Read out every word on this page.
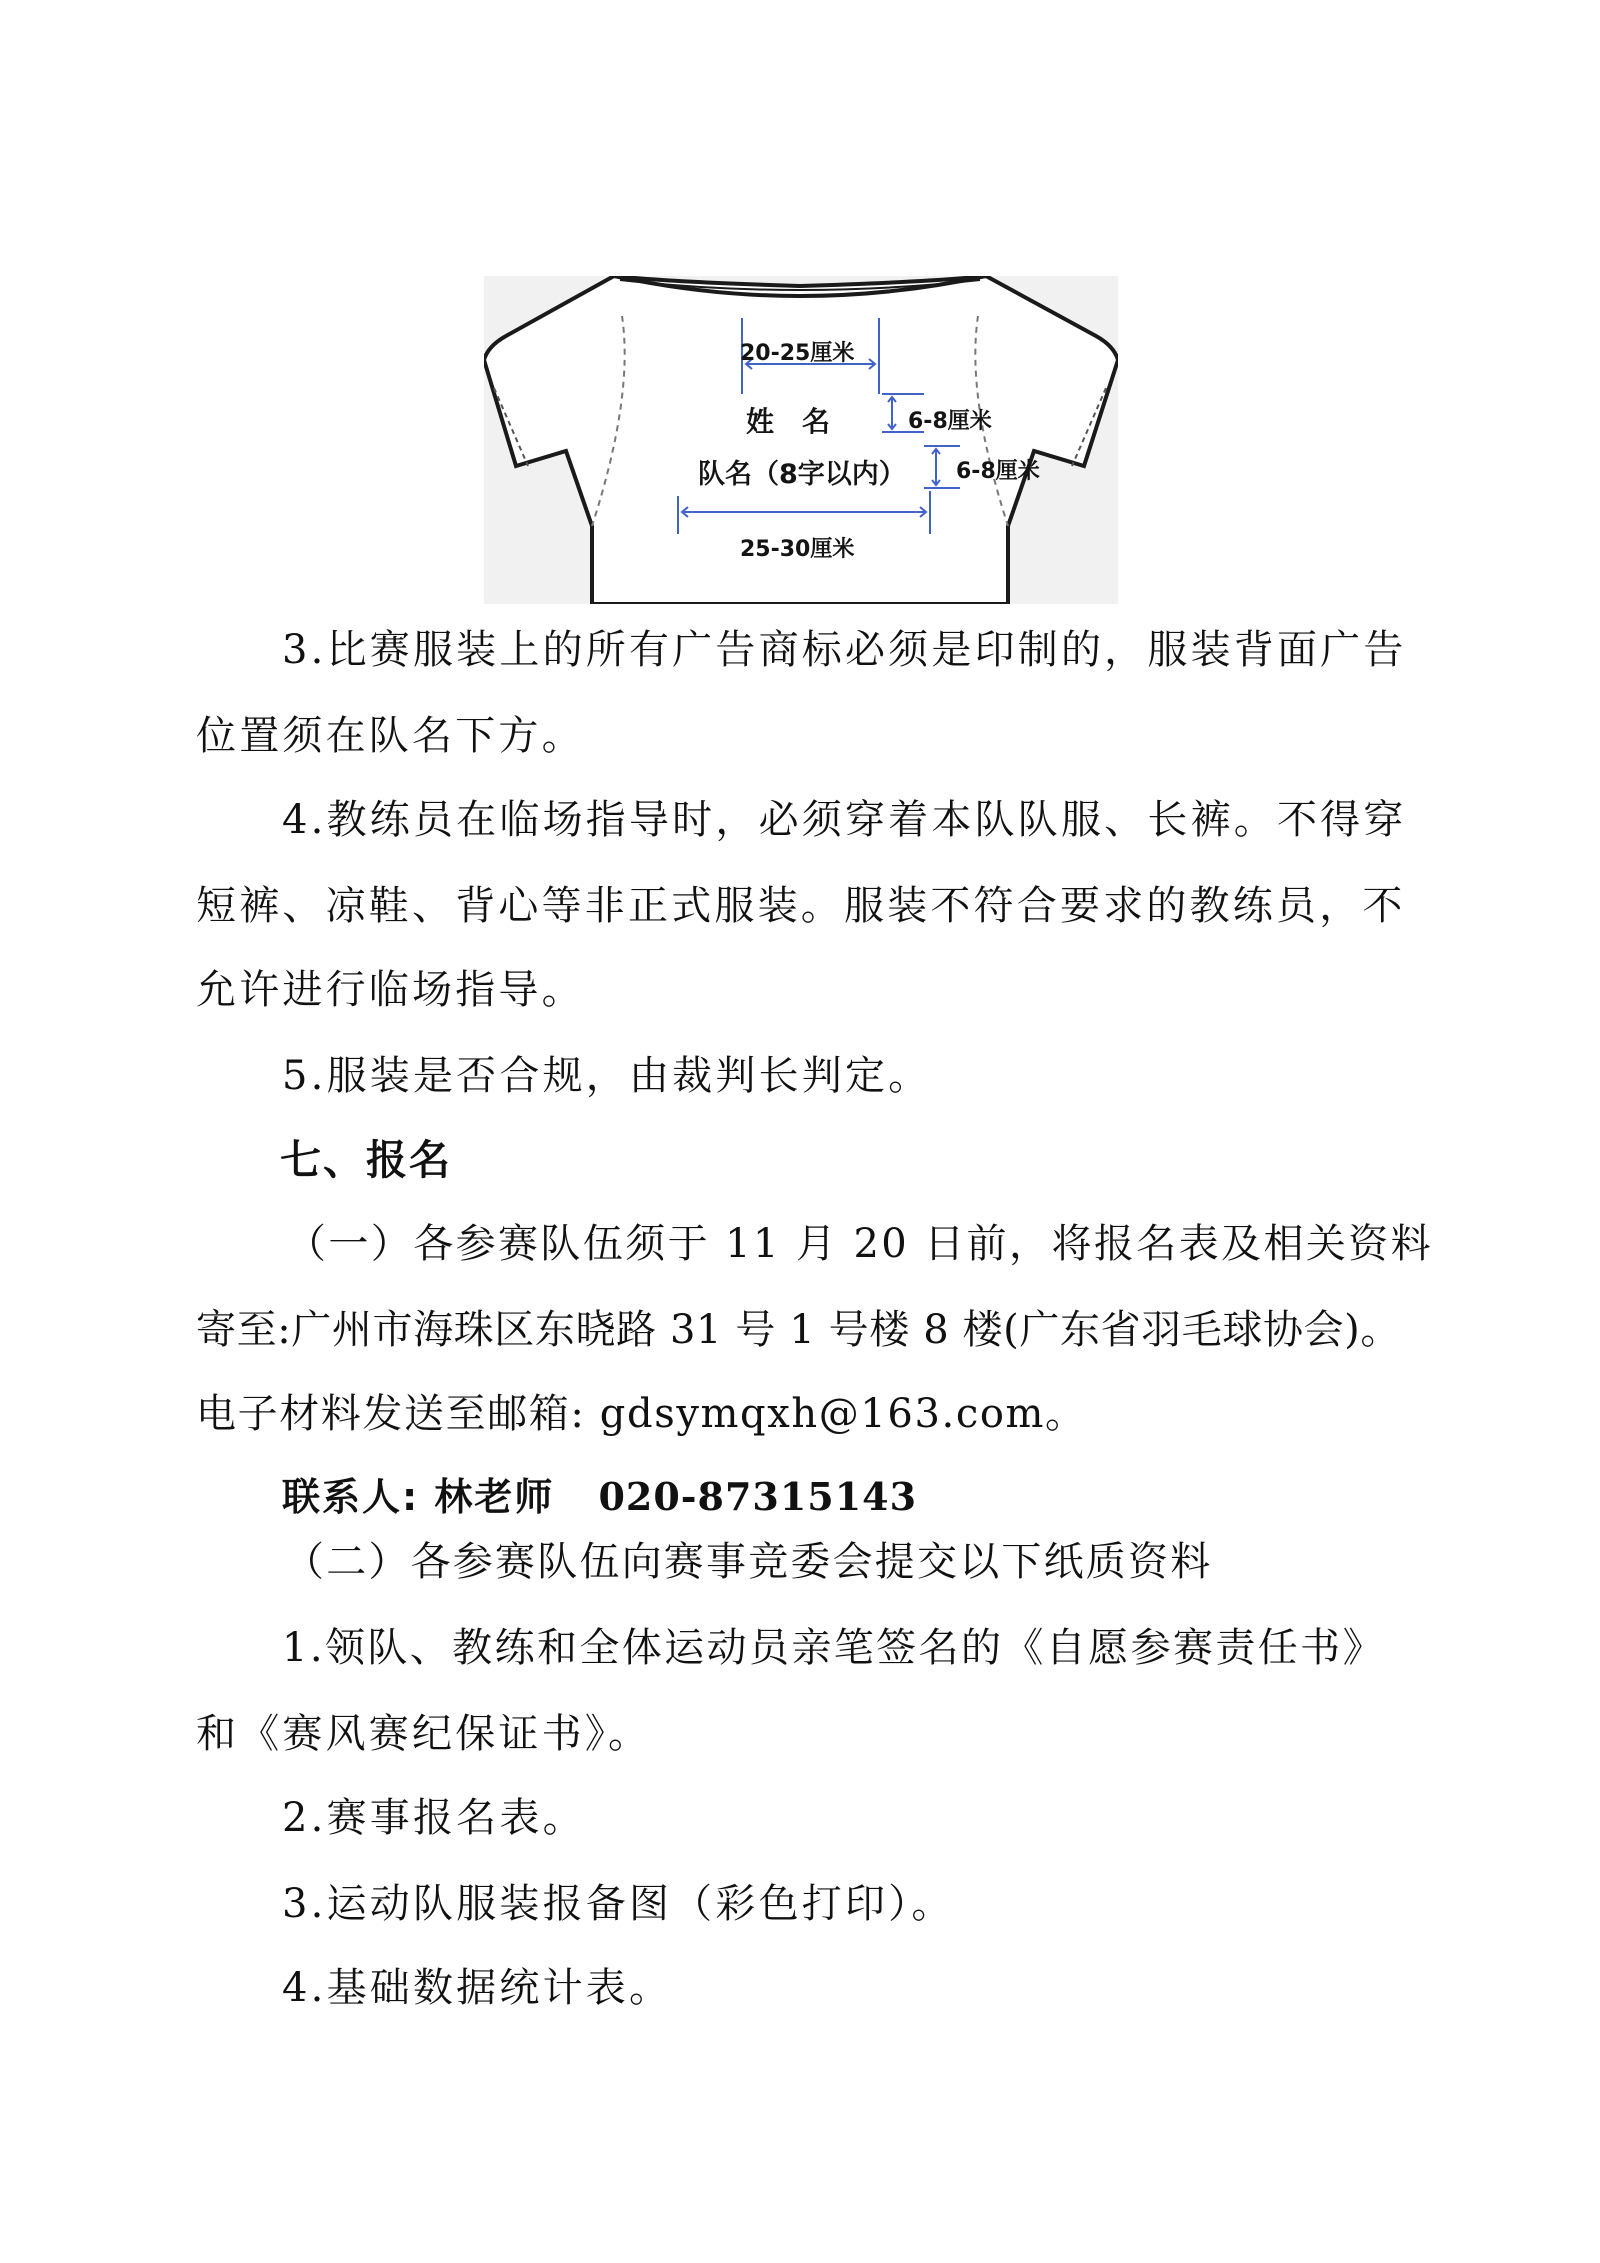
20-25厘米
姓　名	6-8厘米
队名（8字以内） 6-8厘米
25-30厘米
3.比赛服装上的所有广告商标必须是印制的，服装背面广告
位置须在队名下方。
4.教练员在临场指导时，必须穿着本队队服、长裤。不得穿
短裤、凉鞋、背心等非正式服装。服装不符合要求的教练员，不
允许进行临场指导。
5.服装是否合规，由裁判长判定。
七、报名
（一）各参赛队伍须于 11 月 20 日前，将报名表及相关资料
寄至:广州市海珠区东晓路 31 号 1 号楼 8 楼(广东省羽毛球协会)。
电子材料发送至邮箱: gdsymqxh@163.com。
联系人: 林老师 020-87315143
（二）各参赛队伍向赛事竞委会提交以下纸质资料
1.领队、教练和全体运动员亲笔签名的《自愿参赛责任书》
和《赛风赛纪保证书》。
2.赛事报名表。
3.运动队服装报备图（彩色打印）。
4.基础数据统计表。
